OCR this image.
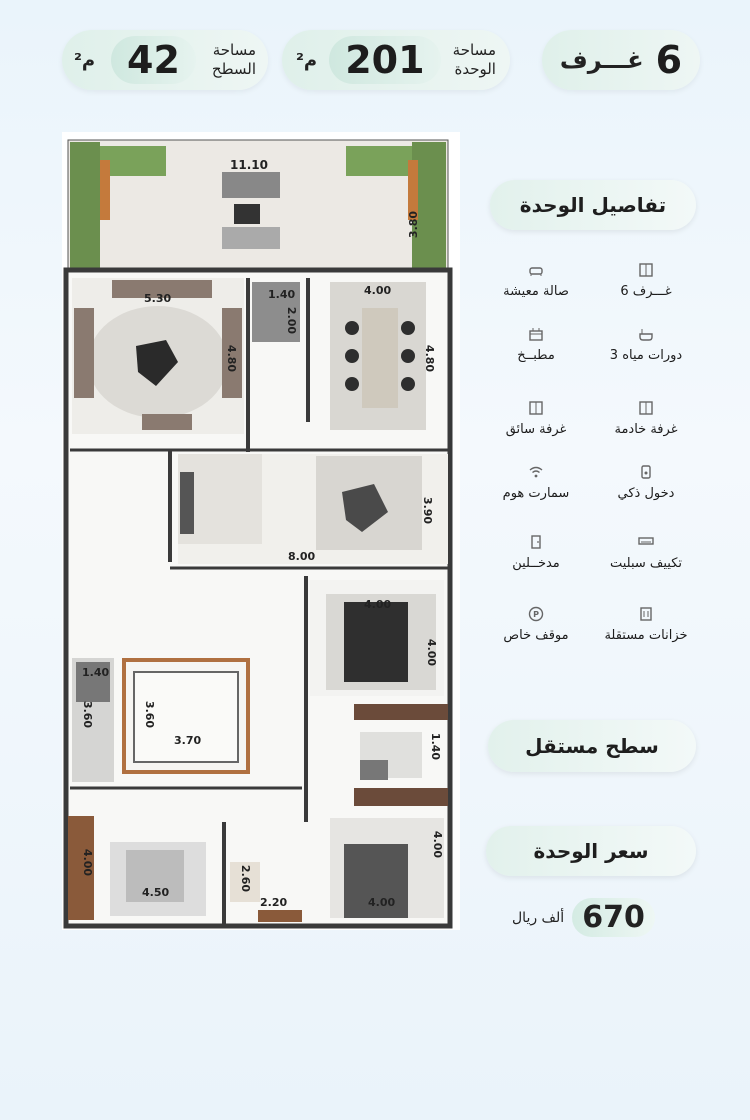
غـــرف 6
م² 201	مساحة
الوحدة
م² 42	مساحة
السطح
11.10
3.80
5.30
4.80
1.40
2.00
4.00
4.80
3.90
8.00
4.00
4.00
1.40
3.60	3.60
3.70
1.40
4.00
4.50
2.60
2.20	4.00
4.00
تفاصيل الوحدة
6 غـــرف
صالة معيشة
3 دورات مياه
مطبــخ
غرفة خادمة
غرفة سائق
دخول ذكي
سمارت هوم
تكييف سبليت
مدخــلين
خزانات مستقلة
P
موقف خاص
سطح مستقل
سعر الوحدة
ألف ريال 670
